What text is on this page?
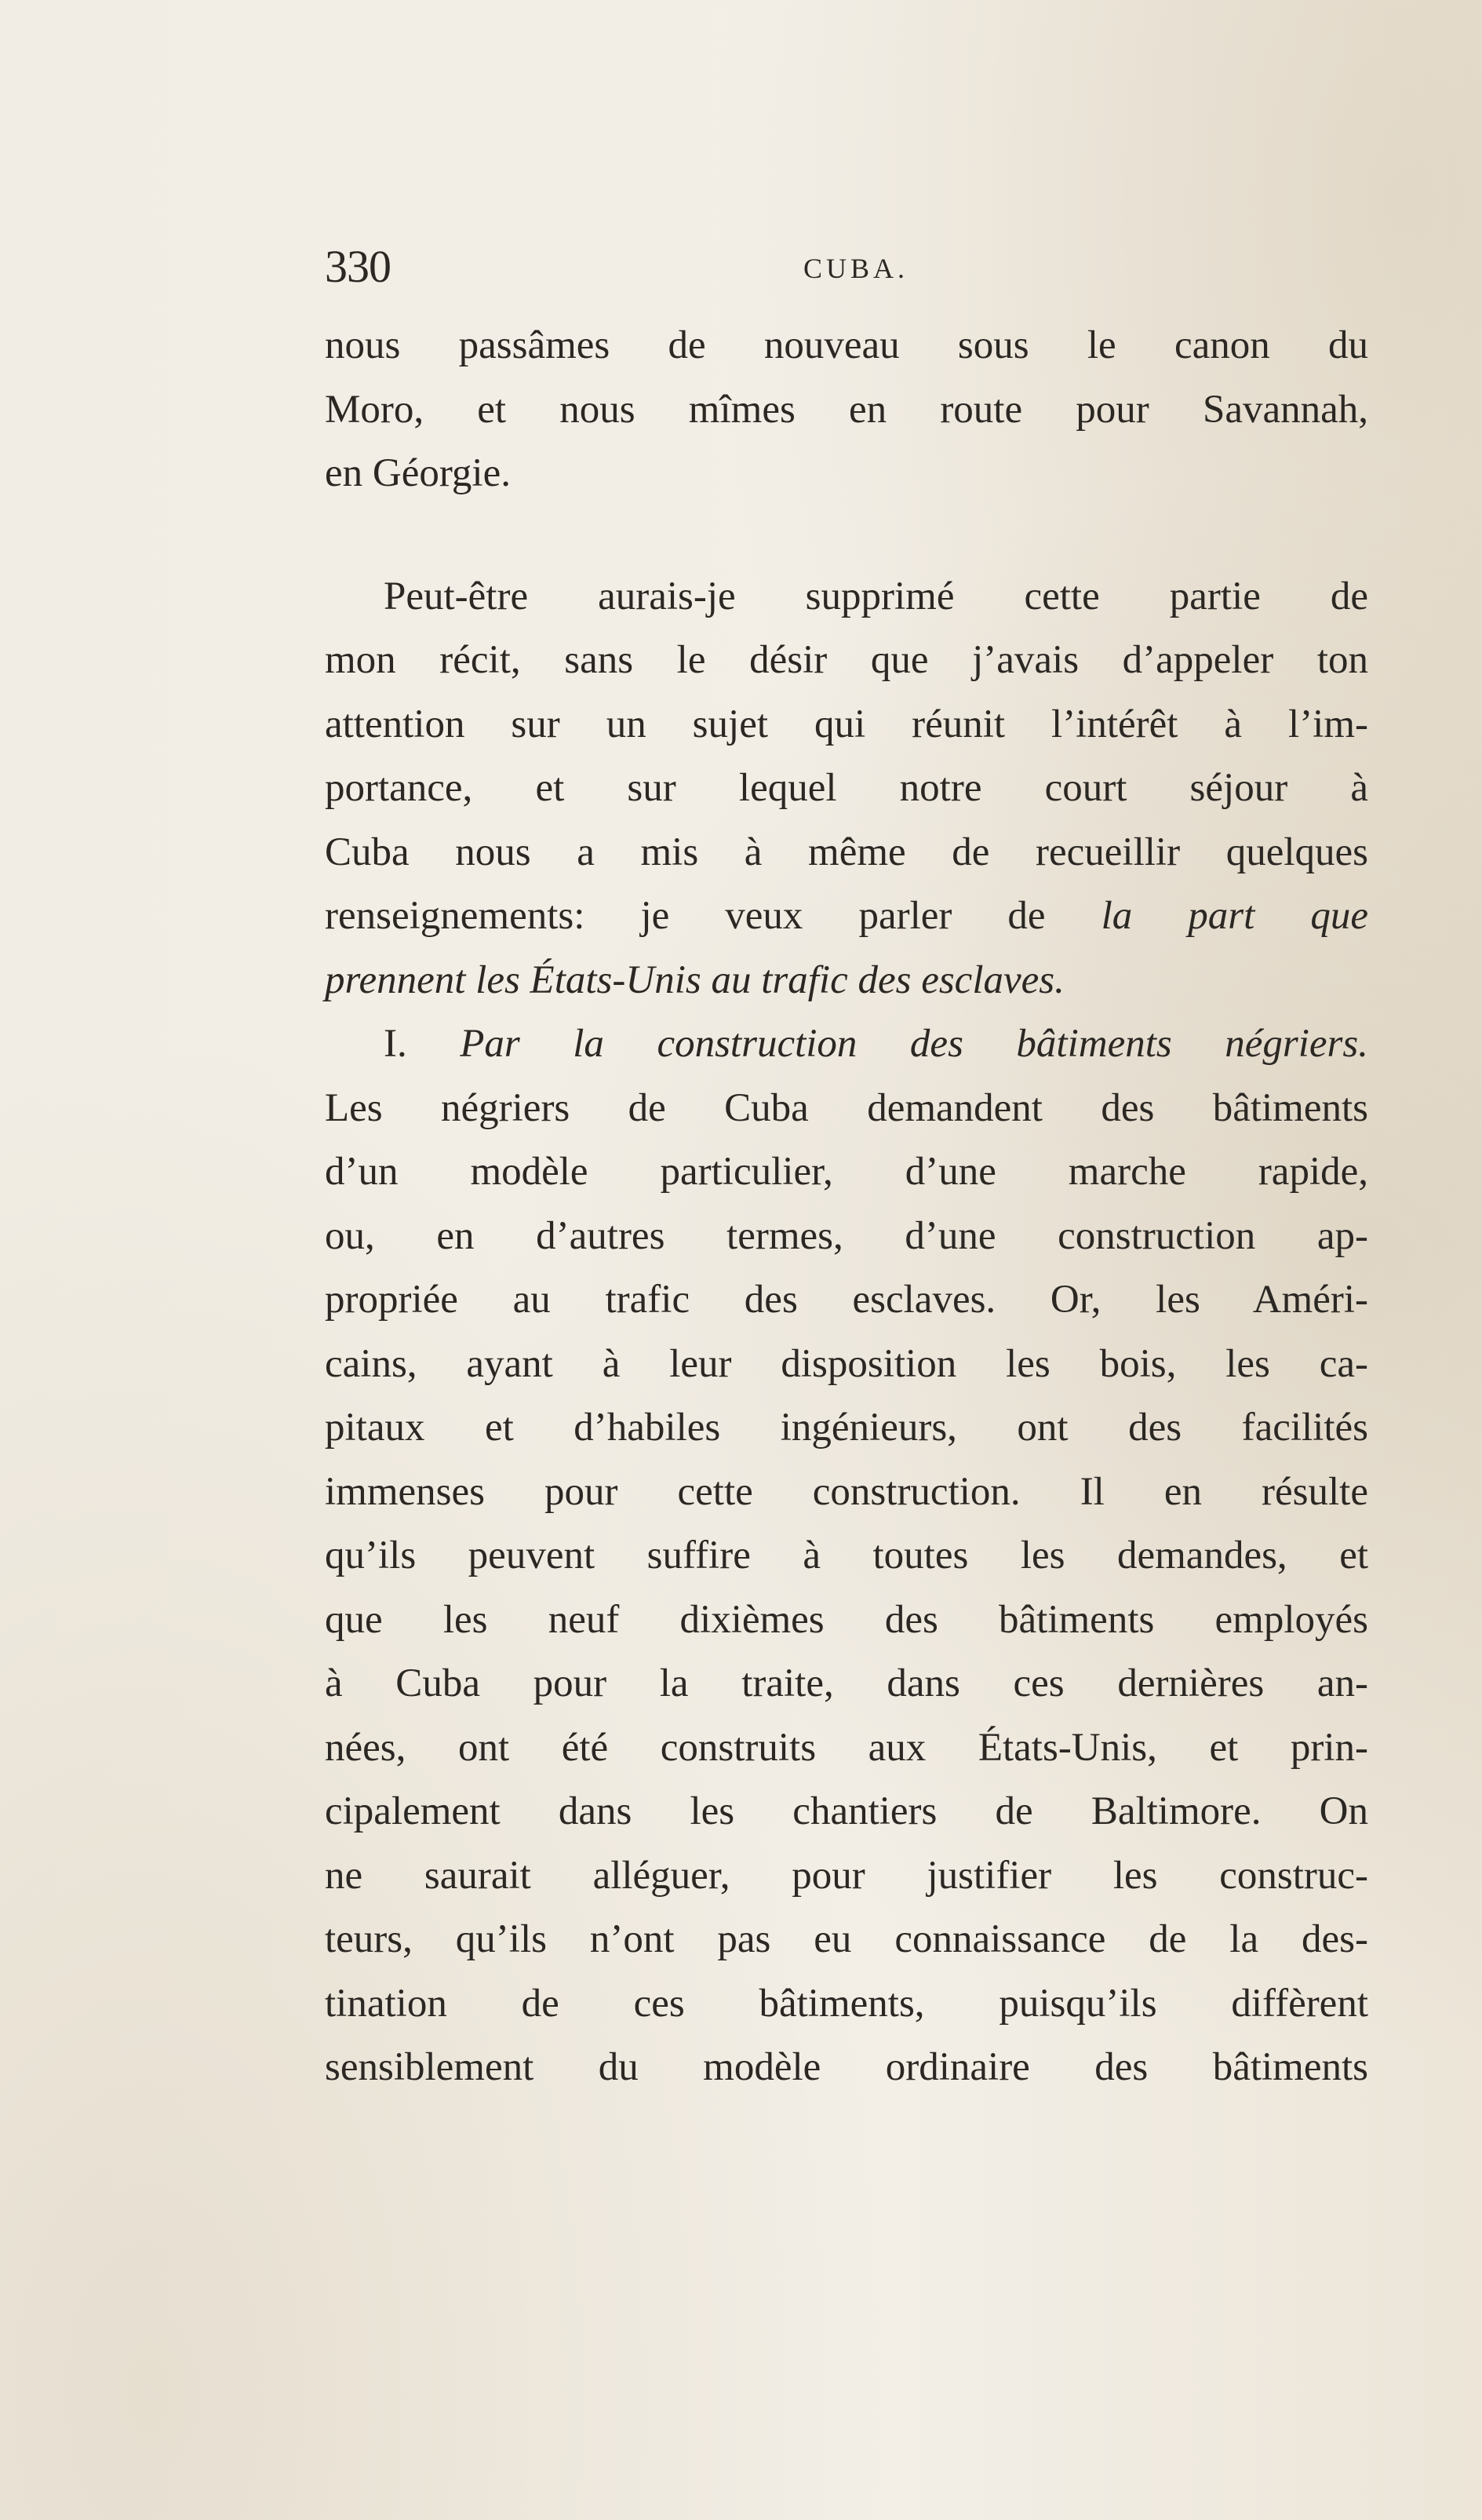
330	CUBA.
nous passâmes de nouveau sous le canon du
Moro, et nous mîmes en route pour Savannah,
en Géorgie.
Peut-être aurais-je supprimé cette partie de
mon récit, sans le désir que j’avais d’appeler ton
attention sur un sujet qui réunit l’intérêt à l’im-
portance, et sur lequel notre court séjour à
Cuba nous a mis à même de recueillir quelques
renseignements: je veux parler de la part que
prennent les États-Unis au trafic des esclaves.
I. Par la construction des bâtiments négriers.
Les négriers de Cuba demandent des bâtiments
d’un modèle particulier, d’une marche rapide,
ou, en d’autres termes, d’une construction ap-
propriée au trafic des esclaves. Or, les Améri-
cains, ayant à leur disposition les bois, les ca-
pitaux et d’habiles ingénieurs, ont des facilités
immenses pour cette construction. Il en résulte
qu’ils peuvent suffire à toutes les demandes, et
que les neuf dixièmes des bâtiments employés
à Cuba pour la traite, dans ces dernières an-
nées, ont été construits aux États-Unis, et prin-
cipalement dans les chantiers de Baltimore. On
ne saurait alléguer, pour justifier les construc-
teurs, qu’ils n’ont pas eu connaissance de la des-
tination de ces bâtiments, puisqu’ils diffèrent
sensiblement du modèle ordinaire des bâtiments
